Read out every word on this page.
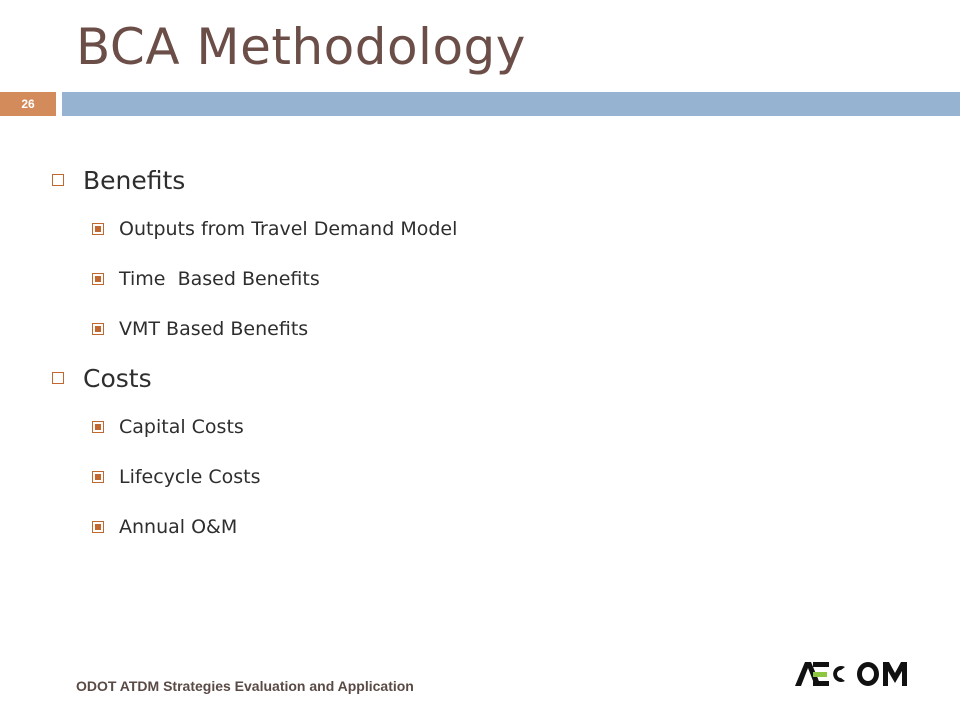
BCA Methodology
26
Benefits
Outputs from Travel Demand Model
Time  Based Benefits
VMT Based Benefits
Costs
Capital Costs
Lifecycle Costs
Annual O&M
ODOT ATDM Strategies Evaluation and Application
